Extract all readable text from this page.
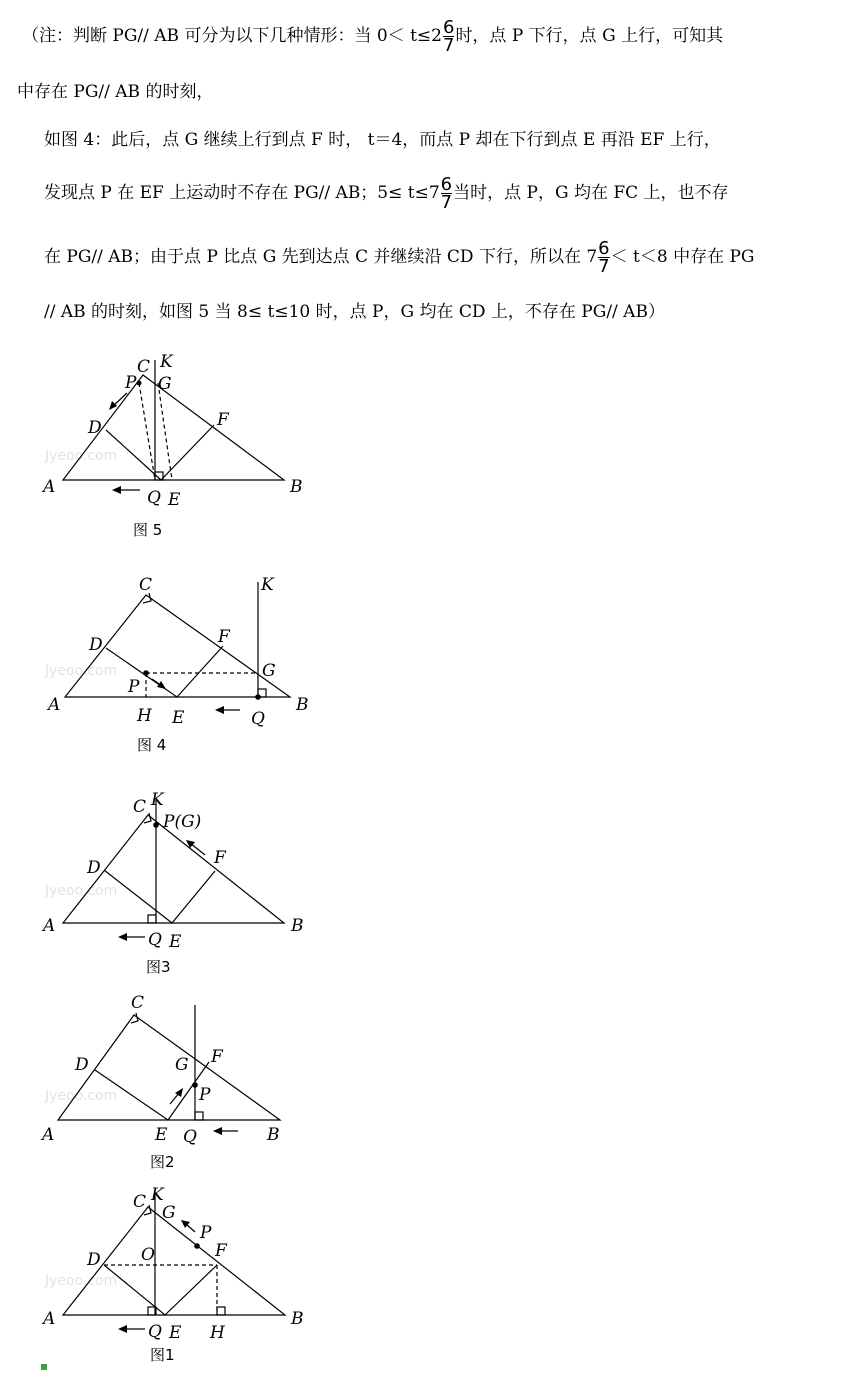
（注：判断 PG// AB 可分为以下几种情形：当 $0< t\le 2 \frac{6}{7}$ 时，点 P 下行，点 G 上行，可知其
中存在 PG// AB 的时刻，
如图 4：此后，点 G 继续上行到点 F 时， t＝4，而点 P 却在下行到点 E 再沿 EF 上行，
发现点 P 在 EF 上运动时不存在 PG// AB；$5\le t\le 7 \frac{6}{7}$ 当时，点 P，G 均在 FC 上，也不存
在 PG// AB；由于点 P 比点 G 先到达点 C 并继续沿 CD 下行，所以在 $7 \frac{6}{7} < t<8$ 中存在 PG
// AB 的时刻，如图 5 当 8≤ t≤10 时，点 P，G 均在 CD 上，不存在 PG// AB）
Jyeoo.com
C K
P G
D	F
A
Q E
B
图 5
Jyeoo.com
C	K
D	F
G
P
A
H E	Q
B
图 4
Jyeoo.com
C K
P(G)
F
D
A
Q E
B
图3
Jyeoo.com
C
D	G F
P
A	E Q	B
图2
Jyeoo.com
C K
G
P
D O	F
A
Q E H
B
图1
